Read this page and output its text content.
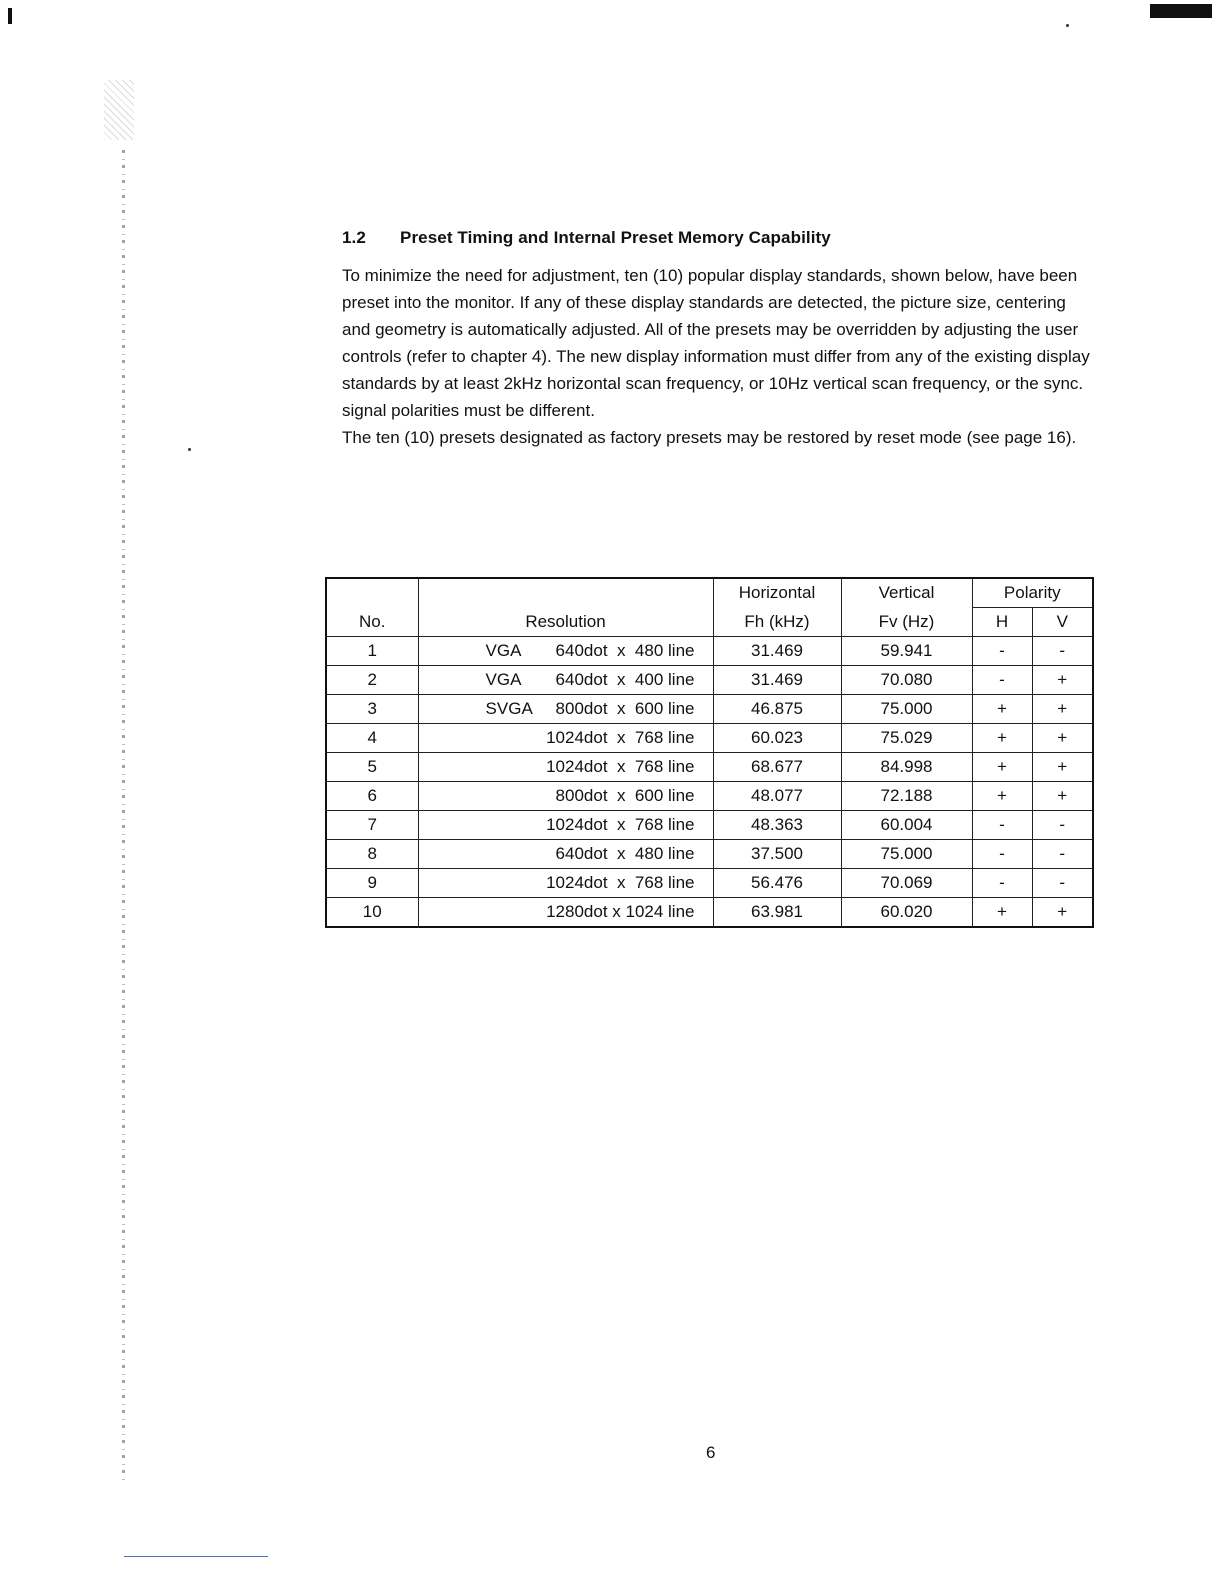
1.2 Preset Timing and Internal Preset Memory Capability

To minimize the need for adjustment, ten (10) popular display standards, shown below, have been preset into the monitor. If any of these display standards are detected, the picture size, centering and geometry is automatically adjusted. All of the presets may be overridden by adjusting the user controls (refer to chapter 4). The new display information must differ from any of the existing display standards by at least 2kHz horizontal scan frequency, or 10Hz vertical scan frequency, or the sync. signal polarities must be different.

The ten (10) presets designated as factory presets may be restored by reset mode (see page 16).

No.	Resolution	Horizontal	Vertical	Polarity	
		Fh (kHz)	Fv (Hz)	H	V
1	VGA 640dot  x  480 line	31.469	59.941	-	-
2	VGA 640dot  x  400 line	31.469	70.080	-	+
3	SVGA 800dot  x  600 line	46.875	75.000	+	+
4	1024dot  x  768 line	60.023	75.029	+	+
5	1024dot  x  768 line	68.677	84.998	+	+
6	800dot  x  600 line	48.077	72.188	+	+
7	1024dot  x  768 line	48.363	60.004	-	-
8	640dot  x  480 line	37.500	75.000	-	-
9	1024dot  x  768 line	56.476	70.069	-	-
10	1280dot x 1024 line	63.981	60.020	+	+
6
